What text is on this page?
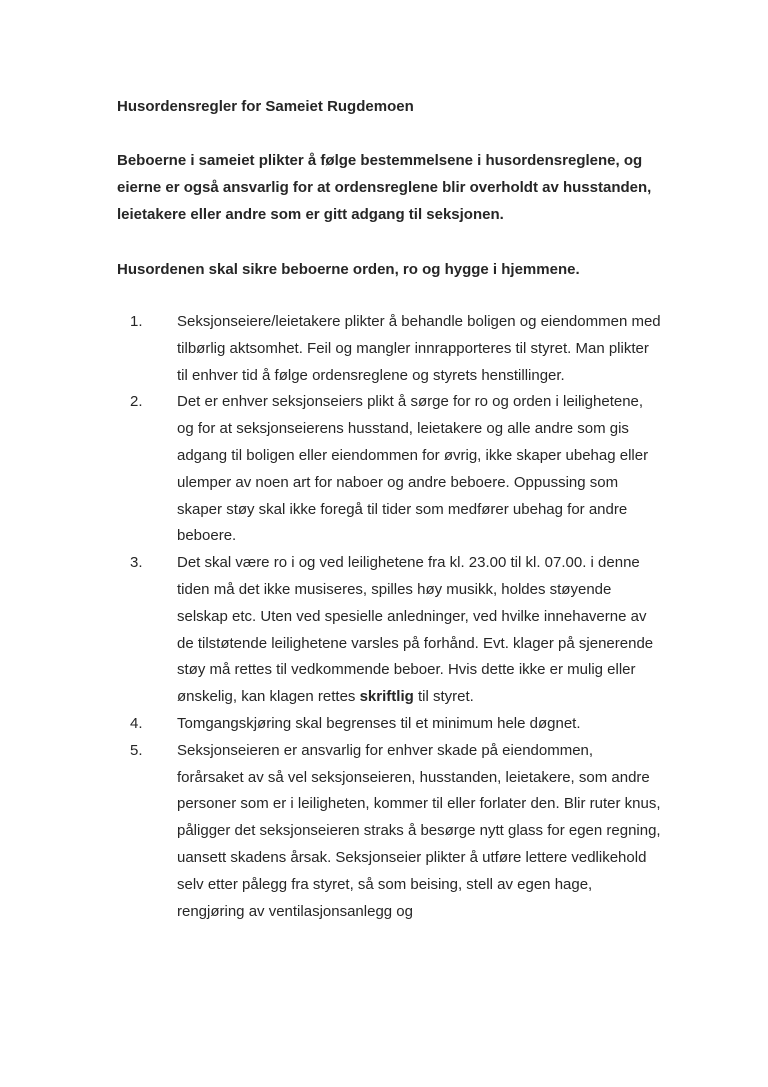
Husordensregler for Sameiet Rugdemoen

Beboerne i sameiet plikter å følge bestemmelsene i husordensreglene, og eierne er også ansvarlig for at ordensreglene blir overholdt av husstanden, leietakere eller andre som er gitt adgang til seksjonen.

Husordenen skal sikre beboerne orden, ro og hygge i hjemmene.

1. Seksjonseiere/leietakere plikter å behandle boligen og eiendommen med tilbørlig aktsomhet. Feil og mangler innrapporteres til styret. Man plikter til enhver tid å følge ordensreglene og styrets henstillinger.
2. Det er enhver seksjonseiers plikt å sørge for ro og orden i leilighetene, og for at seksjonseierens husstand, leietakere og alle andre som gis adgang til boligen eller eiendommen for øvrig, ikke skaper ubehag eller ulemper av noen art for naboer og andre beboere. Oppussing som skaper støy skal ikke foregå til tider som medfører ubehag for andre beboere.
3. Det skal være ro i og ved leilighetene fra kl. 23.00 til kl. 07.00. i denne tiden må det ikke musiseres, spilles høy musikk, holdes støyende selskap etc. Uten ved spesielle anledninger, ved hvilke innehaverne av de tilstøtende leilighetene varsles på forhånd. Evt. klager på sjenerende støy må rettes til vedkommende beboer. Hvis dette ikke er mulig eller ønskelig, kan klagen rettes skriftlig til styret.
4. Tomgangskjøring skal begrenses til et minimum hele døgnet.
5. Seksjonseieren er ansvarlig for enhver skade på eiendommen, forårsaket av så vel seksjonseieren, husstanden, leietakere, som andre personer som er i leiligheten, kommer til eller forlater den. Blir ruter knus, påligger det seksjonseieren straks å besørge nytt glass for egen regning, uansett skadens årsak. Seksjonseier plikter å utføre lettere vedlikehold selv etter pålegg fra styret, så som beising, stell av egen hage, rengjøring av ventilasjonsanlegg og
